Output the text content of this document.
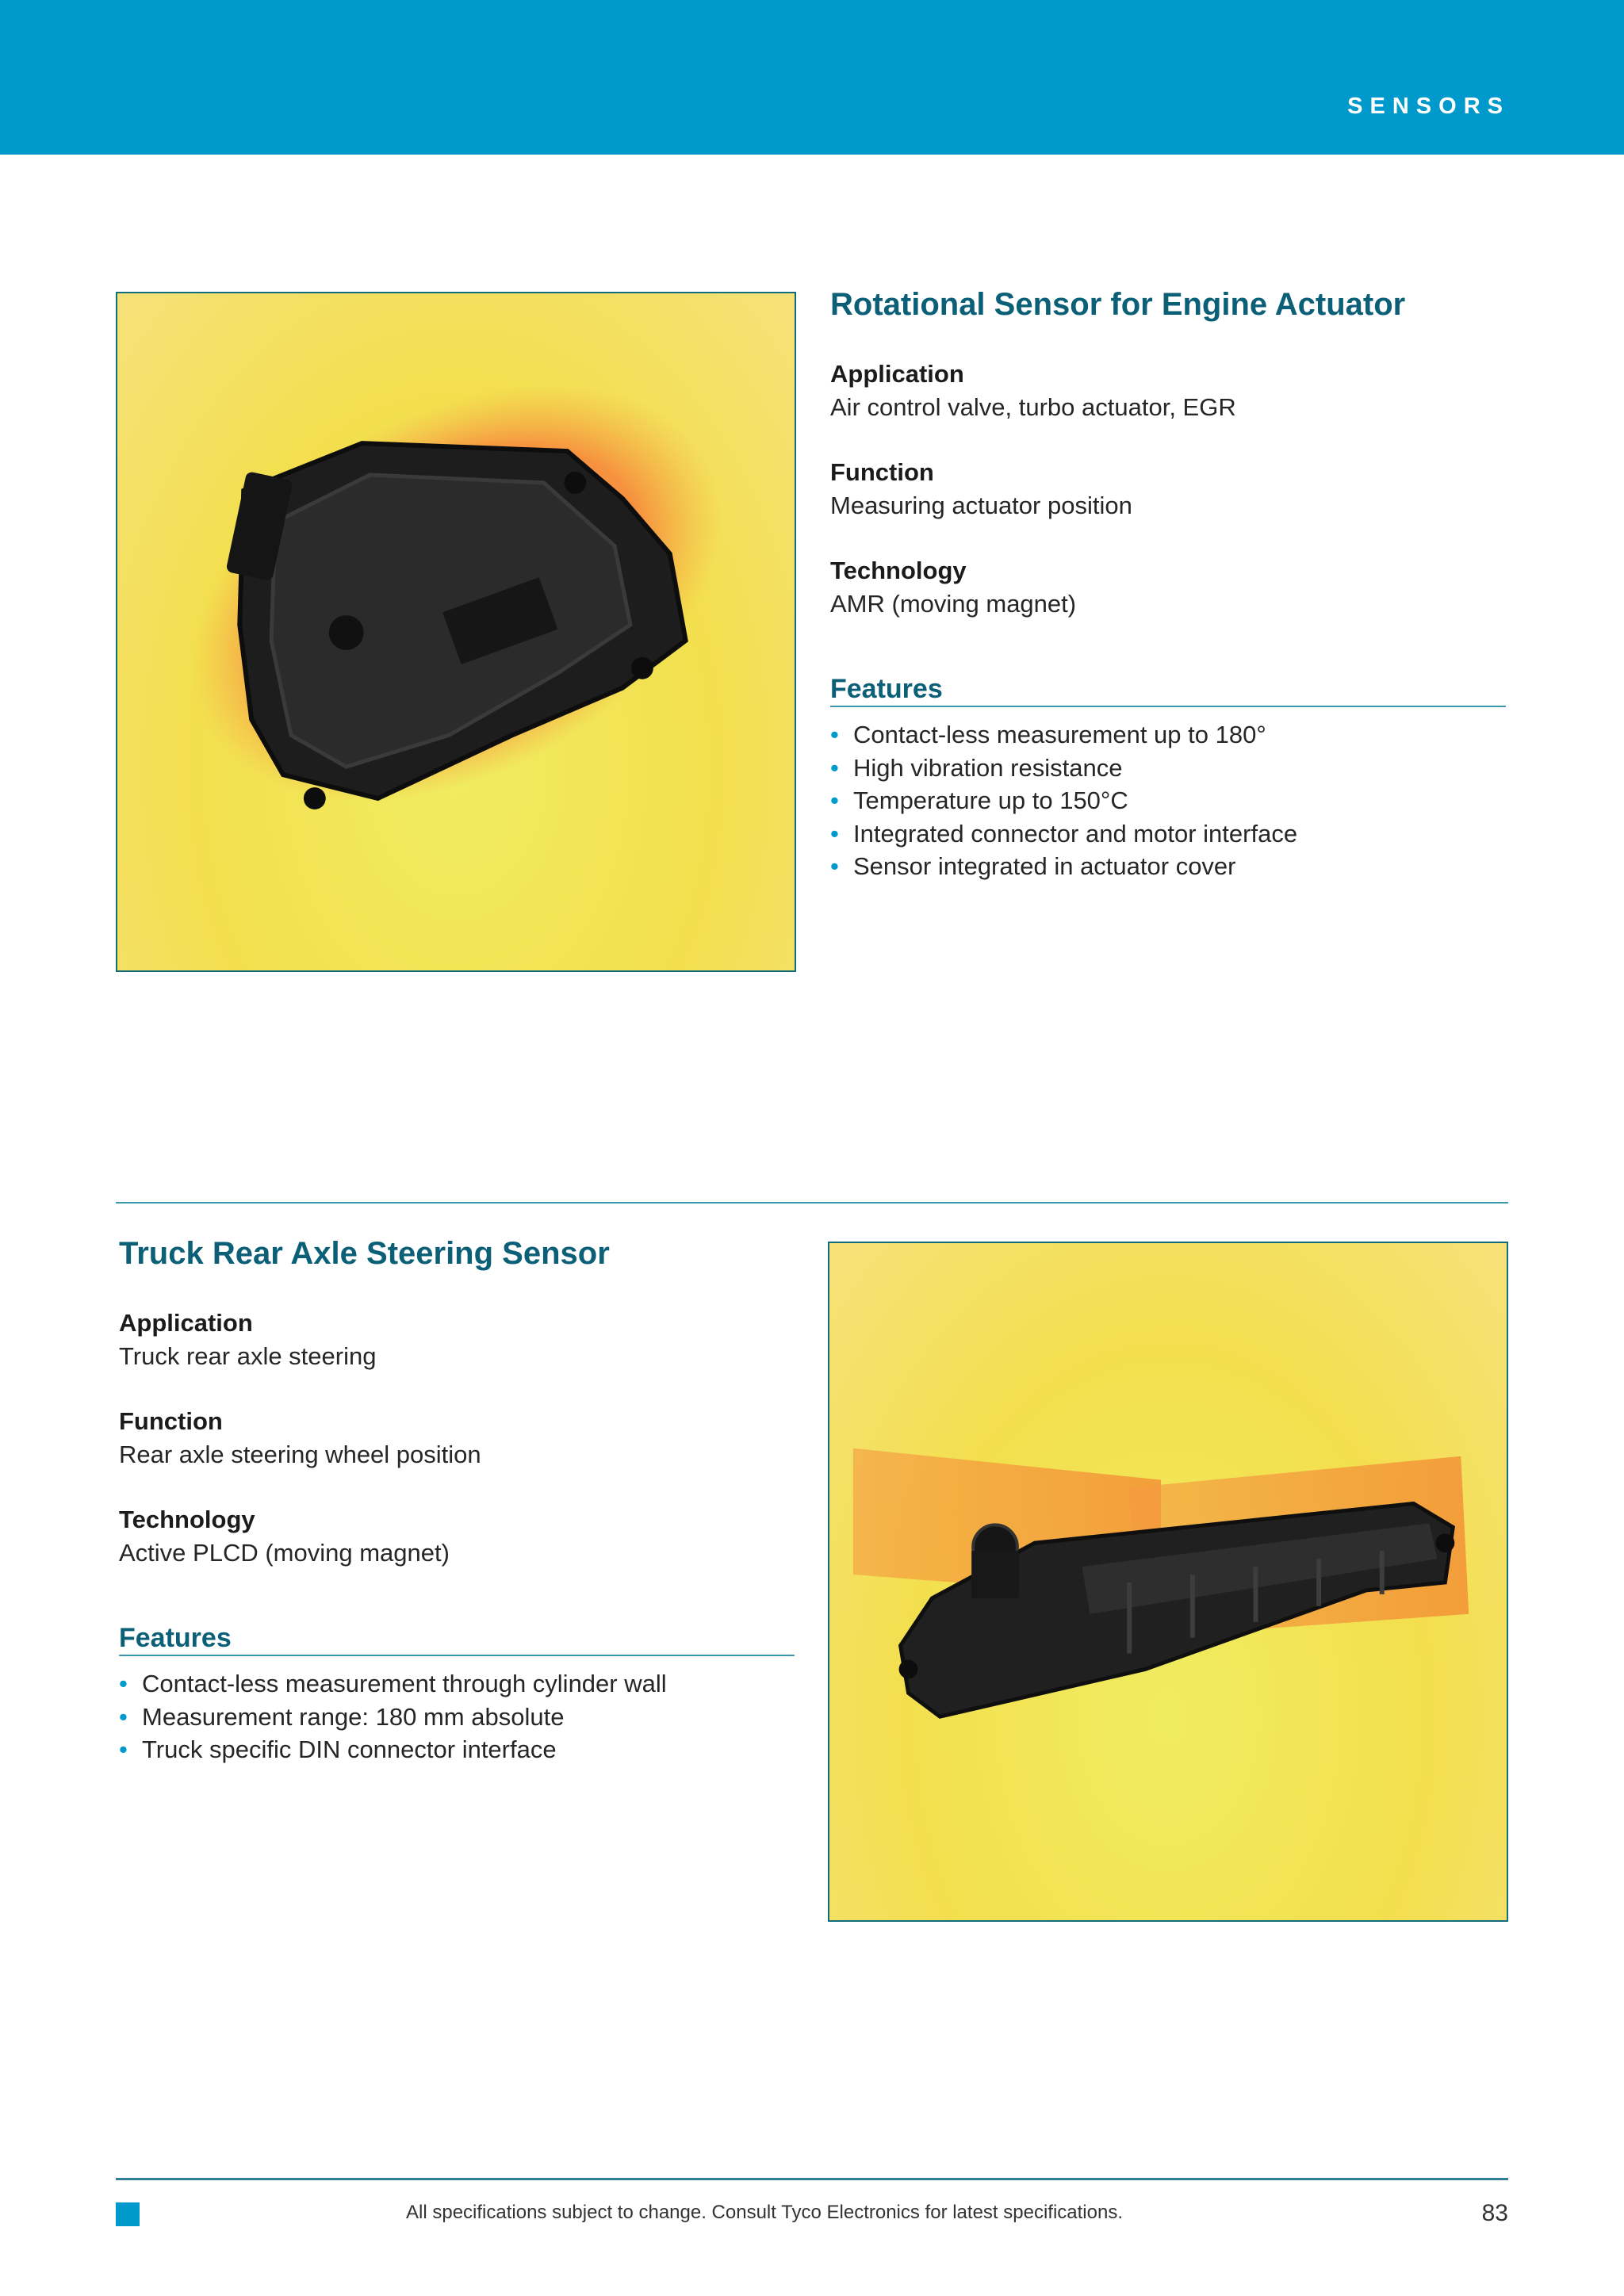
SENSORS
Rotational Sensor for Engine Actuator
Application
Air control valve, turbo actuator, EGR
Function
Measuring actuator position
Technology
AMR (moving magnet)
Features
• Contact-less measurement up to 180°
• High vibration resistance
• Temperature up to 150°C
• Integrated connector and motor interface
• Sensor integrated in actuator cover
Truck Rear Axle Steering Sensor
Application
Truck rear axle steering
Function
Rear axle steering wheel position
Technology
Active PLCD (moving magnet)
Features
• Contact-less measurement through cylinder wall
• Measurement range: 180 mm absolute
• Truck specific DIN connector interface
All specifications subject to change. Consult Tyco Electronics for latest specifications.	83
